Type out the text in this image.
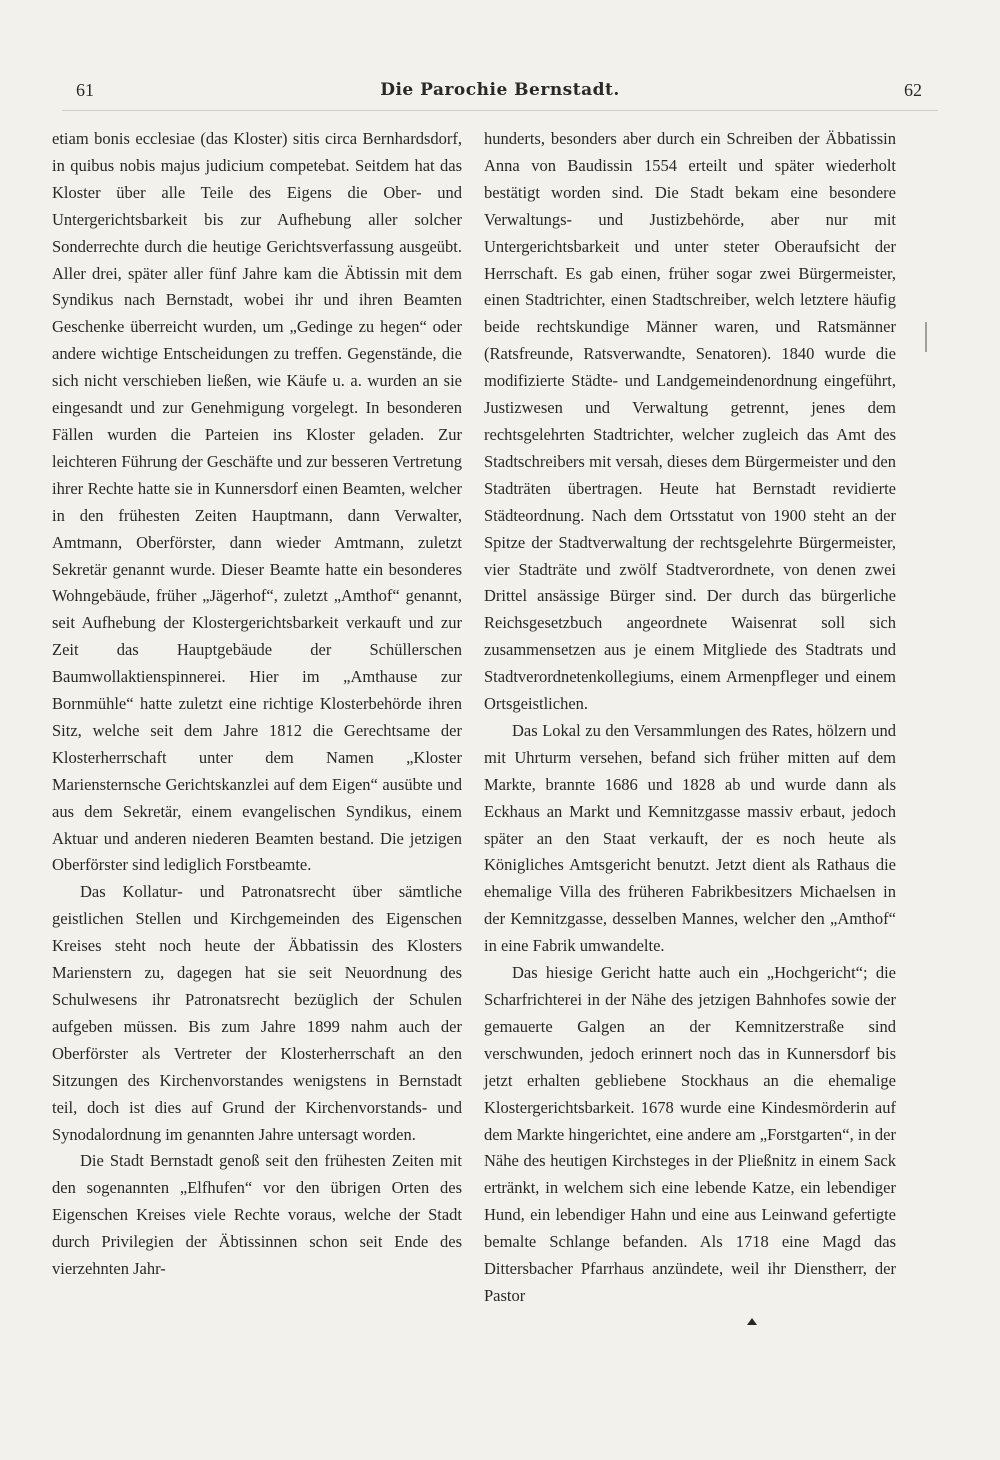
61	Die Parochie Bernstadt.	62

etiam bonis ecclesiae (das Kloster) sitis circa Bernhardsdorf, in quibus nobis majus judicium competebat. Seitdem hat das Kloster über alle Teile des Eigens die Ober- und Untergerichtsbarkeit bis zur Aufhebung aller solcher Sonderrechte durch die heutige Gerichtsverfassung ausgeübt. Aller drei, später aller fünf Jahre kam die Äbtissin mit dem Syndikus nach Bernstadt, wobei ihr und ihren Beamten Geschenke überreicht wurden, um „Gedinge zu hegen“ oder andere wichtige Entscheidungen zu treffen. Gegenstände, die sich nicht verschieben ließen, wie Käufe u. a. wurden an sie eingesandt und zur Genehmigung vorgelegt. In besonderen Fällen wurden die Parteien ins Kloster geladen. Zur leichteren Führung der Geschäfte und zur besseren Vertretung ihrer Rechte hatte sie in Kunnersdorf einen Beamten, welcher in den frühesten Zeiten Hauptmann, dann Verwalter, Amtmann, Oberförster, dann wieder Amtmann, zuletzt Sekretär genannt wurde. Dieser Beamte hatte ein besonderes Wohngebäude, früher „Jägerhof“, zuletzt „Amthof“ genannt, seit Aufhebung der Klostergerichtsbarkeit verkauft und zur Zeit das Hauptgebäude der Schüllerschen Baumwollaktienspinnerei. Hier im „Amthause zur Bornmühle“ hatte zuletzt eine richtige Klosterbehörde ihren Sitz, welche seit dem Jahre 1812 die Gerechtsame der Klosterherrschaft unter dem Namen „Kloster Mariensternsche Gerichtskanzlei auf dem Eigen“ ausübte und aus dem Sekretär, einem evangelischen Syndikus, einem Aktuar und anderen niederen Beamten bestand. Die jetzigen Oberförster sind lediglich Forstbeamte.

Das Kollatur- und Patronatsrecht über sämtliche geistlichen Stellen und Kirchgemeinden des Eigenschen Kreises steht noch heute der Äbbatissin des Klosters Marienstern zu, dagegen hat sie seit Neuordnung des Schulwesens ihr Patronatsrecht bezüglich der Schulen aufgeben müssen. Bis zum Jahre 1899 nahm auch der Oberförster als Vertreter der Klosterherrschaft an den Sitzungen des Kirchenvorstandes wenigstens in Bernstadt teil, doch ist dies auf Grund der Kirchenvorstands- und Synodalordnung im genannten Jahre untersagt worden.

Die Stadt Bernstadt genoß seit den frühesten Zeiten mit den sogenannten „Elfhufen“ vor den übrigen Orten des Eigenschen Kreises viele Rechte voraus, welche der Stadt durch Privilegien der Äbtissinnen schon seit Ende des vierzehnten Jahr-

hunderts, besonders aber durch ein Schreiben der Äbbatissin Anna von Baudissin 1554 erteilt und später wiederholt bestätigt worden sind. Die Stadt bekam eine besondere Verwaltungs- und Justizbehörde, aber nur mit Untergerichtsbarkeit und unter steter Oberaufsicht der Herrschaft. Es gab einen, früher sogar zwei Bürgermeister, einen Stadtrichter, einen Stadtschreiber, welch letztere häufig beide rechtskundige Männer waren, und Ratsmänner (Ratsfreunde, Ratsverwandte, Senatoren). 1840 wurde die modifizierte Städte- und Landgemeindenordnung eingeführt, Justizwesen und Verwaltung getrennt, jenes dem rechtsgelehrten Stadtrichter, welcher zugleich das Amt des Stadtschreibers mit versah, dieses dem Bürgermeister und den Stadträten übertragen. Heute hat Bernstadt revidierte Städteordnung. Nach dem Ortsstatut von 1900 steht an der Spitze der Stadtverwaltung der rechtsgelehrte Bürgermeister, vier Stadträte und zwölf Stadtverordnete, von denen zwei Drittel ansässige Bürger sind. Der durch das bürgerliche Reichsgesetzbuch angeordnete Waisenrat soll sich zusammensetzen aus je einem Mitgliede des Stadtrats und Stadtverordnetenkollegiums, einem Armenpfleger und einem Ortsgeistlichen.

Das Lokal zu den Versammlungen des Rates, hölzern und mit Uhrturm versehen, befand sich früher mitten auf dem Markte, brannte 1686 und 1828 ab und wurde dann als Eckhaus an Markt und Kemnitzgasse massiv erbaut, jedoch später an den Staat verkauft, der es noch heute als Königliches Amtsgericht benutzt. Jetzt dient als Rathaus die ehemalige Villa des früheren Fabrikbesitzers Michaelsen in der Kemnitzgasse, desselben Mannes, welcher den „Amthof“ in eine Fabrik umwandelte.

Das hiesige Gericht hatte auch ein „Hochgericht“; die Scharfrichterei in der Nähe des jetzigen Bahnhofes sowie der gemauerte Galgen an der Kemnitzerstraße sind verschwunden, jedoch erinnert noch das in Kunnersdorf bis jetzt erhalten gebliebene Stockhaus an die ehemalige Klostergerichtsbarkeit. 1678 wurde eine Kindesmörderin auf dem Markte hingerichtet, eine andere am „Forstgarten“, in der Nähe des heutigen Kirchsteges in der Pließnitz in einem Sack ertränkt, in welchem sich eine lebende Katze, ein lebendiger Hund, ein lebendiger Hahn und eine aus Leinwand gefertigte bemalte Schlange befanden. Als 1718 eine Magd das Dittersbacher Pfarrhaus anzündete, weil ihr Dienstherr, der Pastor
